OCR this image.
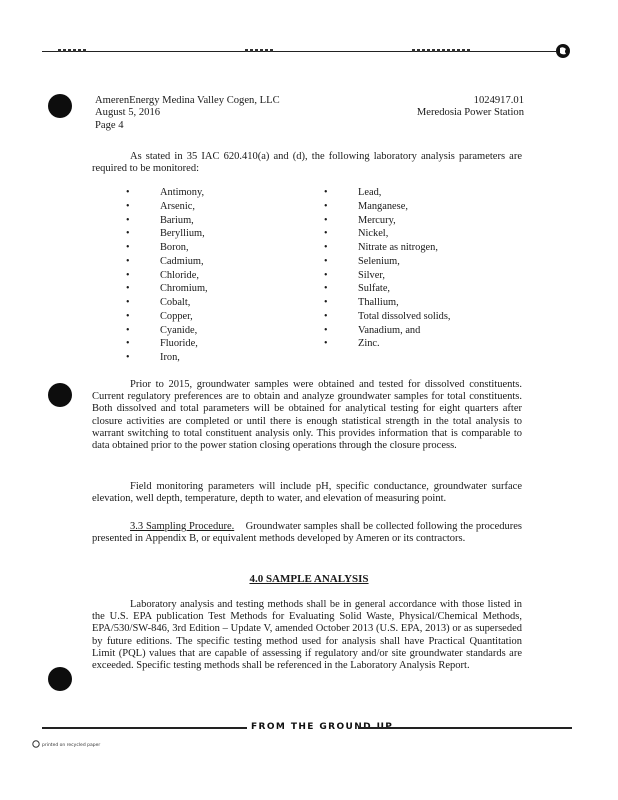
AmerenEnergy Medina Valley Cogen, LLC
August 5, 2016
Page 4
1024917.01
Meredosia Power Station
As stated in 35 IAC 620.410(a) and (d), the following laboratory analysis parameters are required to be monitored:
• Antimony,
• Arsenic,
• Barium,
• Beryllium,
• Boron,
• Cadmium,
• Chloride,
• Chromium,
• Cobalt,
• Copper,
• Cyanide,
• Fluoride,
• Iron,
• Lead,
• Manganese,
• Mercury,
• Nickel,
• Nitrate as nitrogen,
• Selenium,
• Silver,
• Sulfate,
• Thallium,
• Total dissolved solids,
• Vanadium, and
• Zinc.
Prior to 2015, groundwater samples were obtained and tested for dissolved constituents. Current regulatory preferences are to obtain and analyze groundwater samples for total constituents. Both dissolved and total parameters will be obtained for analytical testing for eight quarters after closure activities are completed or until there is enough statistical strength in the total analysis to warrant switching to total constituent analysis only. This provides information that is comparable to data obtained prior to the power station closing operations through the closure process.
Field monitoring parameters will include pH, specific conductance, groundwater surface elevation, well depth, temperature, depth to water, and elevation of measuring point.
3.3 Sampling Procedure. Groundwater samples shall be collected following the procedures presented in Appendix B, or equivalent methods developed by Ameren or its contractors.
4.0 SAMPLE ANALYSIS
Laboratory analysis and testing methods shall be in general accordance with those listed in the U.S. EPA publication Test Methods for Evaluating Solid Waste, Physical/Chemical Methods, EPA/530/SW-846, 3rd Edition – Update V, amended October 2013 (U.S. EPA, 2013) or as superseded by future editions. The specific testing method used for analysis shall have Practical Quantitation Limit (PQL) values that are capable of assessing if regulatory and/or site groundwater standards are exceeded. Specific testing methods shall be referenced in the Laboratory Analysis Report.
FROM THE GROUND UP
printed on recycled paper
